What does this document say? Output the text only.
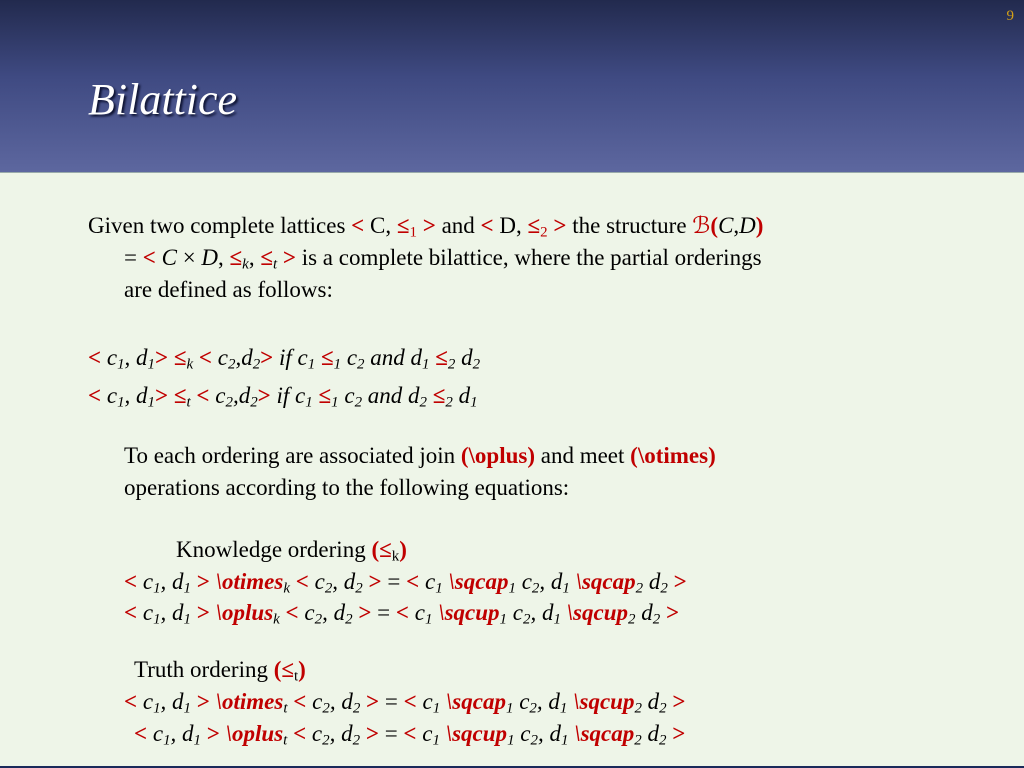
9
Bilattice
Given two complete lattices < C, $\le_1$ > and < D, $\le_2$ > the structure ℬ(C,D)
= < C × D, $\le_k$, $\le_t$ > is a complete bilattice, where the partial orderings
are defined as follows:
< $c_1$, $d_1> \le_k < c_2,d_2>$ if $c_1 \le_1$ $c_2$ and $d_1 \le_2$ $d_2$
< $c_1$, $d_1> \le_t < c_2,d_2>$ if $c_1 \le_1$ $c_2$ and $d_2 \le_2$ $d_1$
To each ordering are associated join (\oplus) and meet (\otimes)
operations according to the following equations:
Knowledge ordering $(\le_k)$
< $c_1$, $d_1$ > \otimes$_k$ < $c_2$, $d_2$ > = < $c_1$ \sqcap$_1$ $c_2$, $d_1$ \sqcap$_2$ $d_2$ >
< $c_1$, $d_1$ > \oplus$_k$ < $c_2$, $d_2$ > = < $c_1$ \sqcup$_1$ $c_2$, $d_1$ \sqcup$_2$ $d_2$ >
Truth ordering $(\le_t)$
< $c_1$, $d_1$ > \otimes$_t$ < $c_2$, $d_2$ > = < $c_1$ \sqcap$_1$ $c_2$, $d_1$ \sqcup$_2$ $d_2$ >
< $c_1$, $d_1$ > \oplus$_t$ < $c_2$, $d_2$ > = < $c_1$ \sqcup$_1$ $c_2$, $d_1$ \sqcap$_2$ $d_2$ >
